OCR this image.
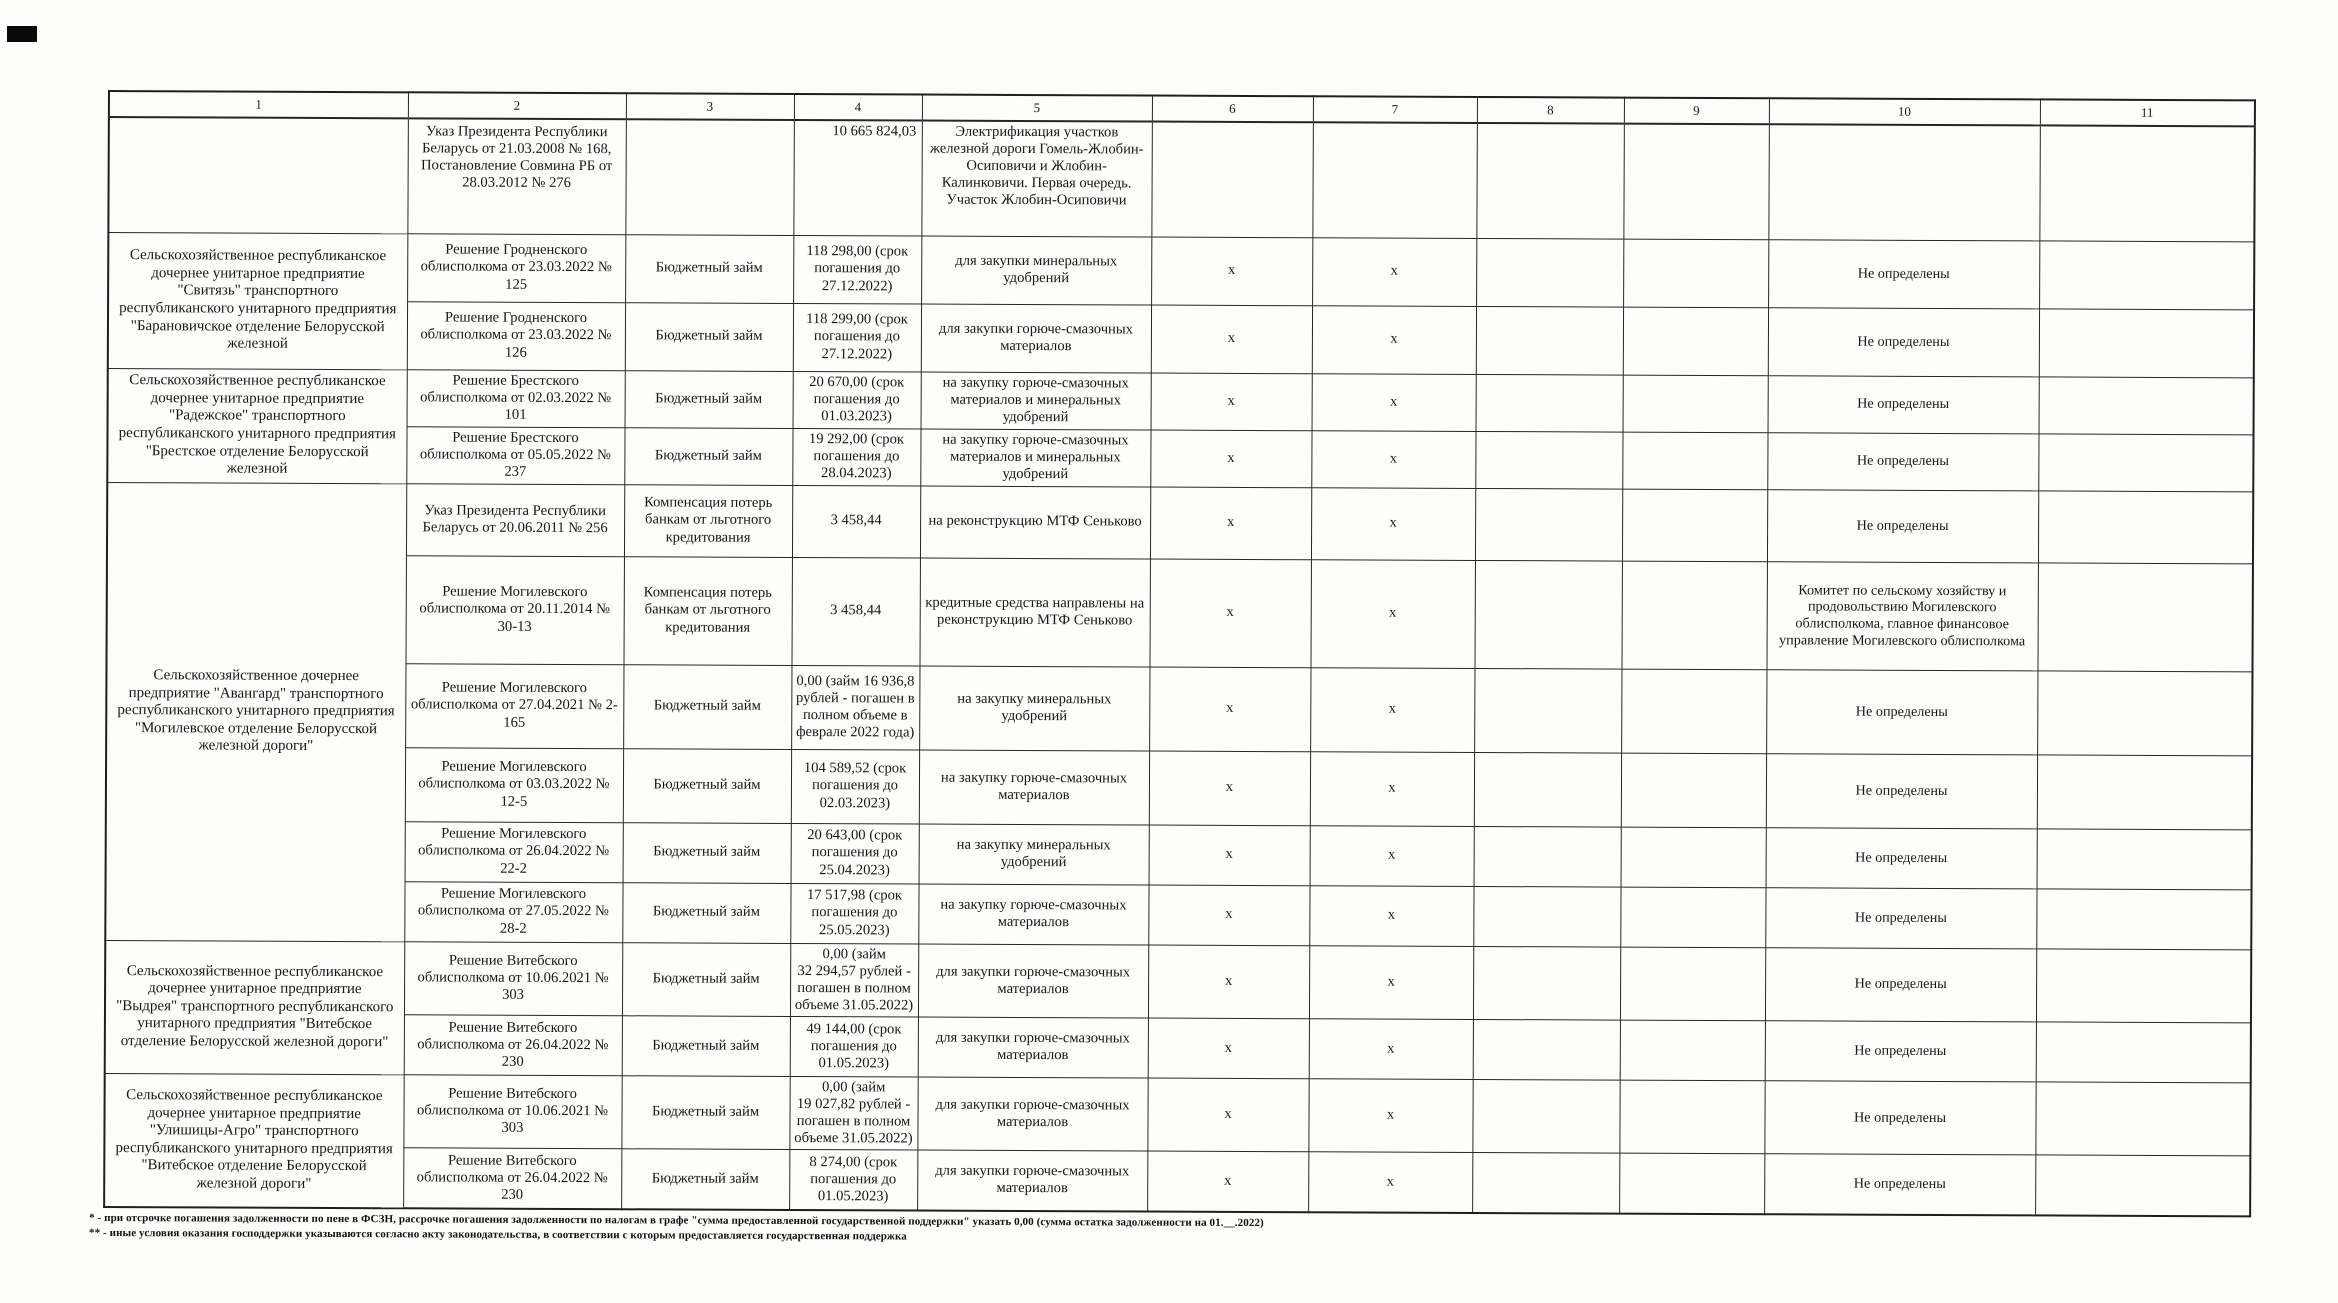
1	2	3	4	5	6	7	8	9	10	11
	Указ Президента Республики Беларусь от 21.03.2008 № 168, Постановление Совмина РБ от 28.03.2012 № 276		10 665 824,03	Электрификация участков железной дороги Гомель-Жлобин-Осиповичи и Жлобин-Калинковичи. Первая очередь. Участок Жлобин-Осиповичи						
Сельскохозяйственное республиканское дочернее унитарное предприятие "Свитязь" транспортного республиканского унитарного предприятия "Барановичское отделение Белорусской железной	Решение Гродненского облисполкома от 23.03.2022 № 125	Бюджетный займ	118 298,00 (срок погашения до 27.12.2022)	для закупки минеральных удобрений	х	х			Не определены	
	Решение Гродненского облисполкома от 23.03.2022 № 126	Бюджетный займ	118 299,00 (срок погашения до 27.12.2022)	для закупки горюче-смазочных материалов	х	х			Не определены	
Сельскохозяйственное республиканское дочернее унитарное предприятие "Радежское" транспортного республиканского унитарного предприятия "Брестское отделение Белорусской железной	Решение Брестского облисполкома от 02.03.2022 № 101	Бюджетный займ	20 670,00 (срок погашения до 01.03.2023)	на закупку горюче-смазочных материалов и минеральных удобрений	х	х			Не определены	
	Решение Брестского облисполкома от 05.05.2022 № 237	Бюджетный займ	19 292,00 (срок погашения до 28.04.2023)	на закупку горюче-смазочных материалов и минеральных удобрений	х	х			Не определены	
Сельскохозяйственное дочернее предприятие "Авангард" транспортного республиканского унитарного предприятия "Могилевское отделение Белорусской железной дороги"	Указ Президента Республики Беларусь от 20.06.2011 № 256	Компенсация потерь банкам от льготного кредитования	3 458,44	на реконструкцию МТФ Сеньково	х	х			Не определены	
	Решение Могилевского облисполкома от 20.11.2014 № 30-13	Компенсация потерь банкам от льготного кредитования	3 458,44	кредитные средства направлены на реконструкцию МТФ Сеньково	х	х			Комитет по сельскому хозяйству и продовольствию Могилевского облисполкома, главное финансовое управление Могилевского облисполкома	
	Решение Могилевского облисполкома от 27.04.2021 № 2-165	Бюджетный займ	0,00 (займ 16 936,8 рублей - погашен в полном объеме в феврале 2022 года)	на закупку минеральных удобрений	х	х			Не определены	
	Решение Могилевского облисполкома от 03.03.2022 № 12-5	Бюджетный займ	104 589,52 (срок погашения до 02.03.2023)	на закупку горюче-смазочных материалов	х	х			Не определены	
	Решение Могилевского облисполкома от 26.04.2022 № 22-2	Бюджетный займ	20 643,00 (срок погашения до 25.04.2023)	на закупку минеральных удобрений	х	х			Не определены	
	Решение Могилевского облисполкома от 27.05.2022 № 28-2	Бюджетный займ	17 517,98 (срок погашения до 25.05.2023)	на закупку горюче-смазочных материалов	х	х			Не определены	
Сельскохозяйственное республиканское дочернее унитарное предприятие "Выдрея" транспортного республиканского унитарного предприятия "Витебское отделение Белорусской железной дороги"	Решение Витебского облисполкома от 10.06.2021 № 303	Бюджетный займ	0,00 (займ 32 294,57 рублей - погашен в полном объеме 31.05.2022)	для закупки горюче-смазочных материалов	х	х			Не определены	
	Решение Витебского облисполкома от 26.04.2022 № 230	Бюджетный займ	49 144,00 (срок погашения до 01.05.2023)	для закупки горюче-смазочных материалов	х	х			Не определены	
Сельскохозяйственное республиканское дочернее унитарное предприятие "Улишицы-Агро" транспортного республиканского унитарного предприятия "Витебское отделение Белорусской железной дороги"	Решение Витебского облисполкома от 10.06.2021 № 303	Бюджетный займ	0,00 (займ 19 027,82 рублей - погашен в полном объеме 31.05.2022)	для закупки горюче-смазочных материалов	х	х			Не определены	
	Решение Витебского облисполкома от 26.04.2022 № 230	Бюджетный займ	8 274,00 (срок погашения до 01.05.2023)	для закупки горюче-смазочных материалов	х	х			Не определены	
* - при отсрочке погашения задолженности по пене в ФСЗН, рассрочке погашения задолженности по налогам в графе "сумма предоставленной государственной поддержки" указать 0,00 (сумма остатка задолженности на 01.__.2022)
** - иные условия оказания господдержки указываются согласно акту законодательства, в соответствии с которым предоставляется государственная поддержка
